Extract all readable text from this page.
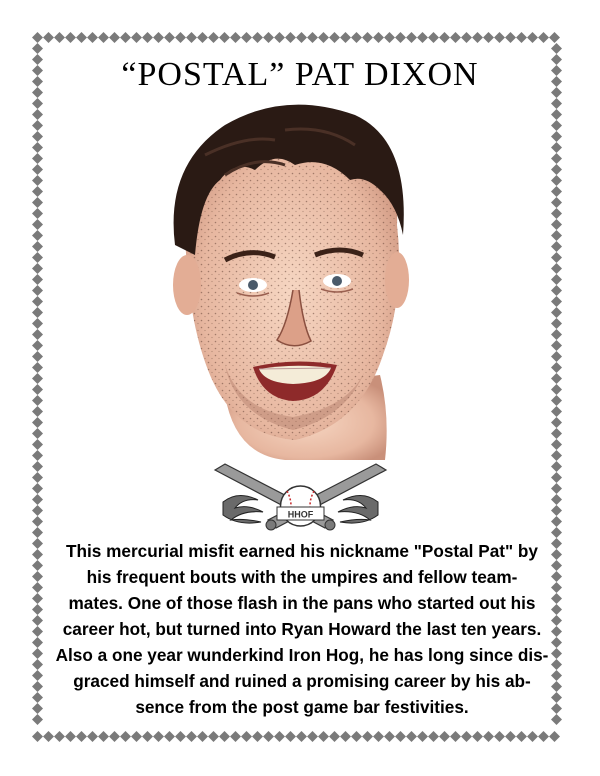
“POSTAL” PAT DIXON
HHOF
This mercurial misfit earned his nickname "Postal Pat" by
his frequent bouts with the umpires and fellow team-
mates. One of those flash in the pans who started out his
career hot, but turned into Ryan Howard the last ten years.
Also a one year wunderkind Iron Hog, he has long since dis-
graced himself and ruined a promising career by his ab-
sence from the post game bar festivities.
